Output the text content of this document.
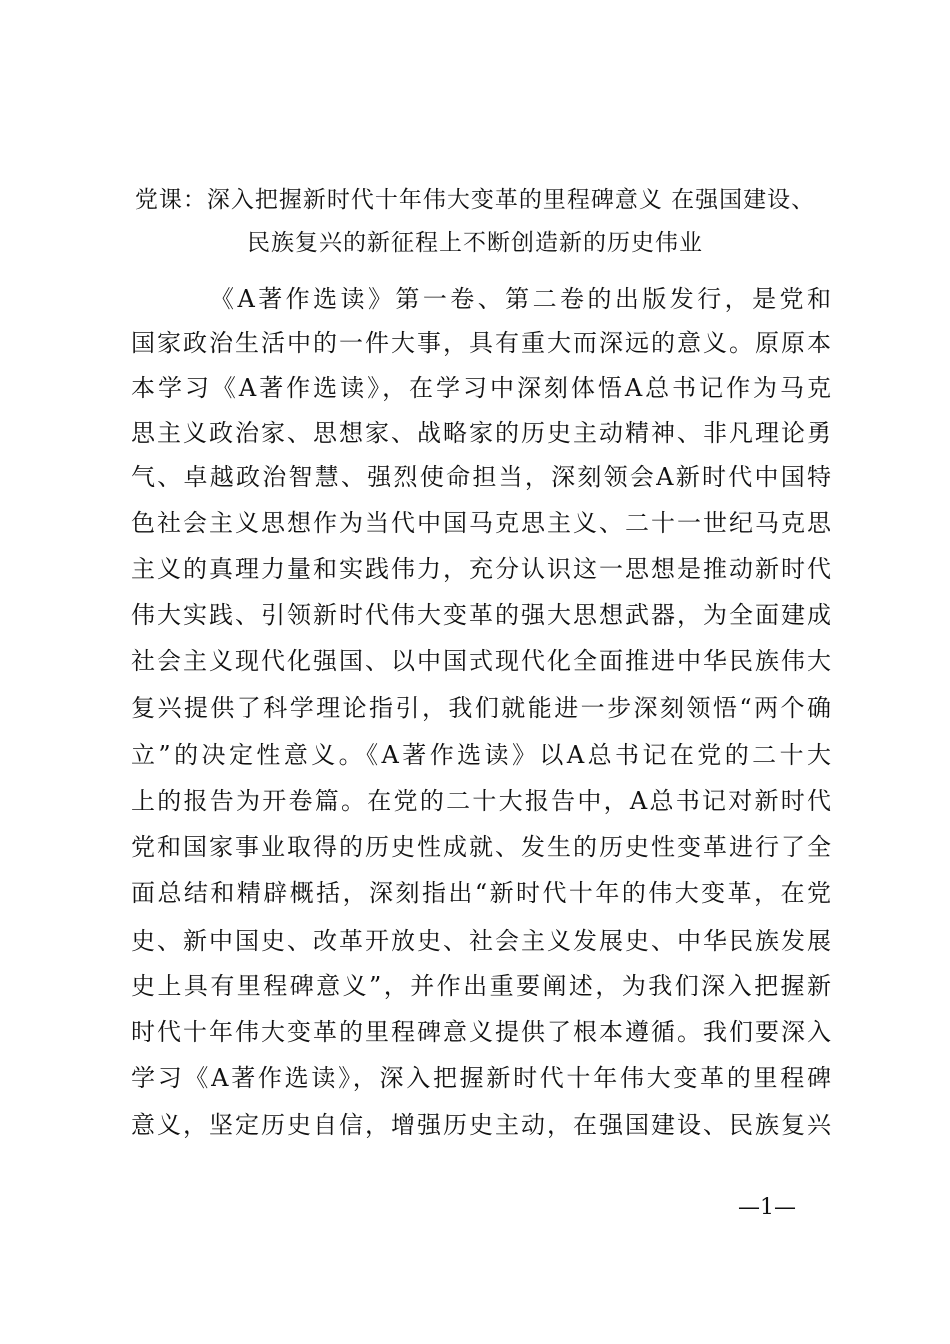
党课：深入把握新时代十年伟大变革的里程碑意义 在强国建设、
民族复兴的新征程上不断创造新的历史伟业
《A著作选读》第一卷、第二卷的出版发行，是党和
国家政治生活中的一件大事，具有重大而深远的意义。原原本
本学习《A著作选读》，在学习中深刻体悟A总书记作为马克
思主义政治家、思想家、战略家的历史主动精神、非凡理论勇
气、卓越政治智慧、强烈使命担当，深刻领会A新时代中国特
色社会主义思想作为当代中国马克思主义、二十一世纪马克思
主义的真理力量和实践伟力，充分认识这一思想是推动新时代
伟大实践、引领新时代伟大变革的强大思想武器，为全面建成
社会主义现代化强国、以中国式现代化全面推进中华民族伟大
复兴提供了科学理论指引，我们就能进一步深刻领悟“两个确
立”的决定性意义。《A著作选读》以A总书记在党的二十大
上的报告为开卷篇。在党的二十大报告中，A总书记对新时代
党和国家事业取得的历史性成就、发生的历史性变革进行了全
面总结和精辟概括，深刻指出“新时代十年的伟大变革，在党
史、新中国史、改革开放史、社会主义发展史、中华民族发展
史上具有里程碑意义”，并作出重要阐述，为我们深入把握新
时代十年伟大变革的里程碑意义提供了根本遵循。我们要深入
学习《A著作选读》，深入把握新时代十年伟大变革的里程碑
意义，坚定历史自信，增强历史主动，在强国建设、民族复兴
—1—
